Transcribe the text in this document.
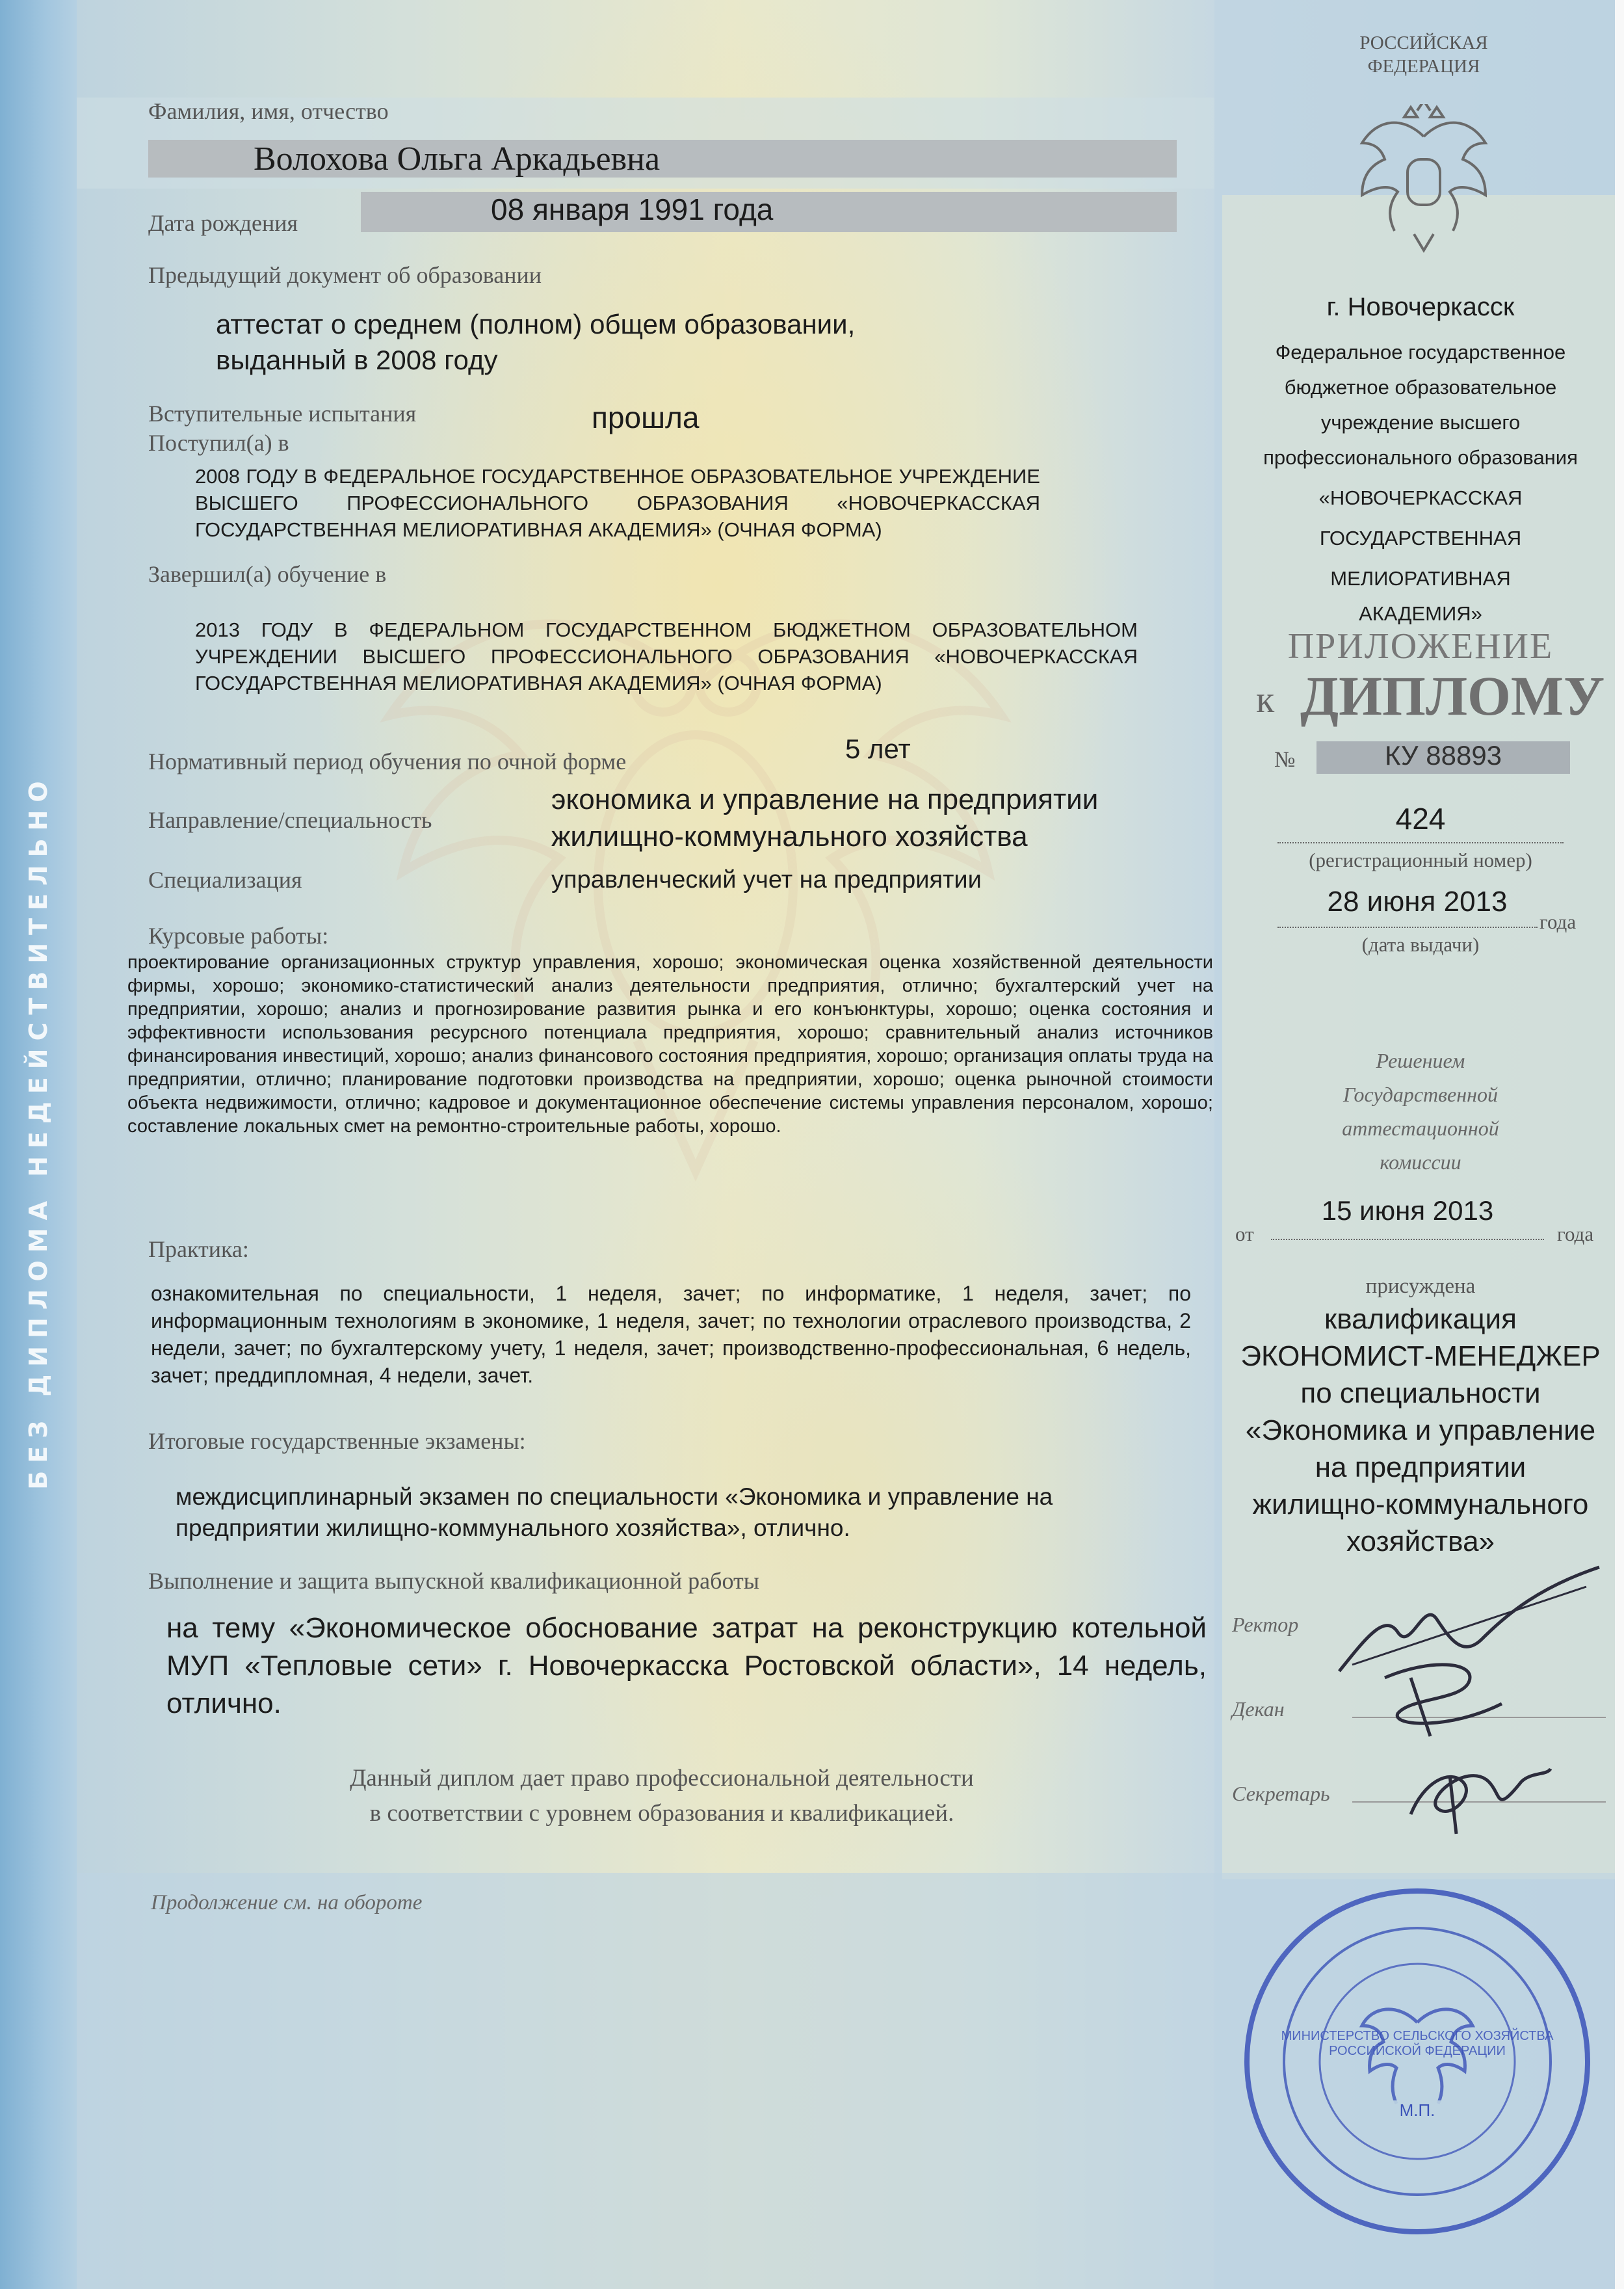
БЕЗ ДИПЛОМА НЕДЕЙСТВИТЕЛЬНО
РОССИЙСКАЯ ФЕДЕРАЦИЯ
Фамилия, имя, отчество
Волохова Ольга Аркадьевна
Дата рождения	08 января 1991 года
Предыдущий документ об образовании
аттестат о среднем (полном) общем образовании,
выданный в 2008 году
Вступительные испытания	прошла
Поступил(а) в
2008 ГОДУ В ФЕДЕРАЛЬНОЕ ГОСУДАРСТВЕННОЕ ОБРАЗОВАТЕЛЬНОЕ УЧРЕЖДЕНИЕ ВЫСШЕГО ПРОФЕССИОНАЛЬНОГО ОБРАЗОВАНИЯ «НОВОЧЕРКАССКАЯ ГОСУДАРСТВЕННАЯ МЕЛИОРАТИВНАЯ АКАДЕМИЯ» (ОЧНАЯ ФОРМА)
Завершил(а) обучение в
2013 ГОДУ В ФЕДЕРАЛЬНОМ ГОСУДАРСТВЕННОМ БЮДЖЕТНОМ ОБРАЗОВАТЕЛЬНОМ УЧРЕЖДЕНИИ ВЫСШЕГО ПРОФЕССИОНАЛЬНОГО ОБРАЗОВАНИЯ «НОВОЧЕРКАССКАЯ ГОСУДАРСТВЕННАЯ МЕЛИОРАТИВНАЯ АКАДЕМИЯ» (ОЧНАЯ ФОРМА)
Нормативный период обучения по очной форме	5 лет
Направление/специальность
экономика и управление на предприятии
жилищно-коммунального хозяйства
Специализация	управленческий учет на предприятии
Курсовые работы:
проектирование организационных структур управления, хорошо; экономическая оценка хозяйственной деятельности фирмы, хорошо; экономико-статистический анализ деятельности предприятия, отлично; бухгалтерский учет на предприятии, хорошо; анализ и прогнозирование развития рынка и его конъюнктуры, хорошо; оценка состояния и эффективности использования ресурсного потенциала предприятия, хорошо; сравнительный анализ источников финансирования инвестиций, хорошо; анализ финансового состояния предприятия, хорошо; организация оплаты труда на предприятии, отлично; планирование подготовки производства на предприятии, хорошо; оценка рыночной стоимости объекта недвижимости, отлично; кадровое и документационное обеспечение системы управления персоналом, хорошо; составление локальных смет на ремонтно-строительные работы, хорошо.
Практика:
ознакомительная по специальности, 1 неделя, зачет; по информатике, 1 неделя, зачет; по информационным технологиям в экономике, 1 неделя, зачет; по технологии отраслевого производства, 2 недели, зачет; по бухгалтерскому учету, 1 неделя, зачет; производственно-профессиональная, 6 недель, зачет; преддипломная, 4 недели, зачет.
Итоговые государственные экзамены:
междисциплинарный экзамен по специальности «Экономика и управление на предприятии жилищно-коммунального хозяйства», отлично.
Выполнение и защита выпускной квалификационной работы
на тему «Экономическое обоснование затрат на реконструкцию котельной МУП «Тепловые сети» г. Новочеркасска Ростовской области», 14 недель, отлично.
Данный диплом дает право профессиональной деятельности
в соответствии с уровнем образования и квалификацией.
Продолжение см. на обороте
г. Новочеркасск
Федеральное государственное
бюджетное образовательное
учреждение высшего
профессионального образования
«НОВОЧЕРКАССКАЯ
ГОСУДАРСТВЕННАЯ
МЕЛИОРАТИВНАЯ
АКАДЕМИЯ»
ПРИЛОЖЕНИЕ
к ДИПЛОМУ
№	КУ 88893
424
(регистрационный номер)
28 июня 2013
года
(дата выдачи)
Решением
Государственной
аттестационной
комиссии
от
15 июня 2013
года
присуждена
квалификация
ЭКОНОМИСТ-МЕНЕДЖЕР
по специальности
«Экономика и управление
на предприятии
жилищно-коммунального
хозяйства»
Ректор
Декан
Секретарь
МИНИСТЕРСТВО СЕЛЬСКОГО ХОЗЯЙСТВА РОССИЙСКОЙ ФЕДЕРАЦИИ
М.П.
